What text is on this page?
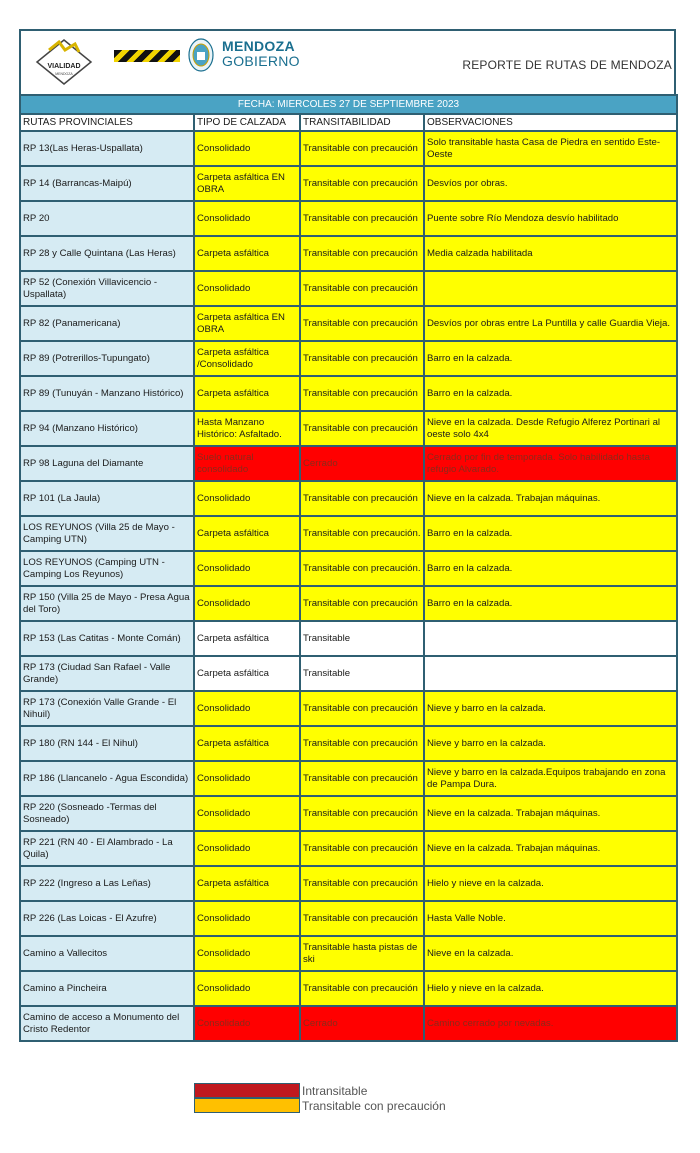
VIALIDAD
MENDOZA
MENDOZA
GOBIERNO	REPORTE DE RUTAS DE MENDOZA
FECHA: MIERCOLES 27 DE SEPTIEMBRE 2023			
RUTAS PROVINCIALES	TIPO DE CALZADA	TRANSITABILIDAD	OBSERVACIONES
RP 13(Las Heras-Uspallata)	Consolidado	Transitable con precaución	Solo transitable hasta Casa de Piedra en sentido Este-Oeste
RP 14 (Barrancas-Maipú)	Carpeta asfáltica EN OBRA	Transitable con precaución	Desvíos por obras.
RP 20	Consolidado	Transitable con precaución	Puente sobre Río Mendoza desvío habilitado
RP 28 y Calle Quintana (Las Heras)	Carpeta asfáltica	Transitable con precaución	Media calzada habilitada
RP 52 (Conexión Villavicencio - Uspallata)	Consolidado	Transitable con precaución	
RP 82 (Panamericana)	Carpeta asfáltica EN OBRA	Transitable con precaución	Desvíos por obras entre La Puntilla y calle Guardia Vieja.
RP 89 (Potrerillos-Tupungato)	Carpeta asfáltica /Consolidado	Transitable con precaución	Barro en la calzada.
RP 89 (Tunuyán - Manzano Histórico)	Carpeta asfáltica	Transitable con precaución	Barro en la calzada.
RP 94 (Manzano Histórico)	Hasta Manzano Histórico: Asfaltado.	Transitable con precaución	Nieve en la calzada. Desde Refugio Alferez Portinari al oeste solo 4x4
RP 98 Laguna del Diamante	Suelo natural consolidado	Cerrado	Cerrado por fin de temporada. Solo habilidado hasta refugio Alvarado.
RP 101 (La Jaula)	Consolidado	Transitable con precaución	Nieve en la calzada. Trabajan máquinas.
LOS REYUNOS (Villa 25 de Mayo - Camping UTN)	Carpeta asfáltica	Transitable con precaución.	Barro en la calzada.
LOS REYUNOS (Camping UTN - Camping Los Reyunos)	Consolidado	Transitable con precaución.	Barro en la calzada.
RP 150 (Villa 25 de Mayo - Presa Agua del Toro)	Consolidado	Transitable con precaución	Barro en la calzada.
RP 153 (Las Catitas - Monte Comán)	Carpeta asfáltica	Transitable	
RP 173 (Ciudad San Rafael - Valle Grande)	Carpeta asfáltica	Transitable	
RP 173 (Conexión Valle Grande - El Nihuil)	Consolidado	Transitable con precaución	Nieve y barro en la calzada.
RP 180 (RN 144 - El Nihul)	Carpeta asfáltica	Transitable con precaución	Nieve y barro en la calzada.
RP 186 (Llancanelo - Agua Escondida)	Consolidado	Transitable con precaución	Nieve y barro en la calzada.Equipos trabajando en zona de Pampa Dura.
RP 220 (Sosneado -Termas del Sosneado)	Consolidado	Transitable con precaución	Nieve en la calzada. Trabajan máquinas.
RP 221 (RN 40 - El Alambrado - La Quila)	Consolidado	Transitable con precaución	Nieve en la calzada. Trabajan máquinas.
RP 222 (Ingreso a Las Leñas)	Carpeta asfáltica	Transitable con precaución	Hielo y nieve en la calzada.
RP 226 (Las Loicas - El Azufre)	Consolidado	Transitable con precaución	Hasta Valle Noble.
Camino a Vallecitos	Consolidado	Transitable hasta pistas de ski	Nieve en la calzada.
Camino a Pincheira	Consolidado	Transitable con precaución	Hielo y nieve en la calzada.
Camino de acceso a Monumento del Cristo Redentor	Consolidado	Cerrado	Camino cerrado por nevadas.
Intransitable
Transitable con precaución
